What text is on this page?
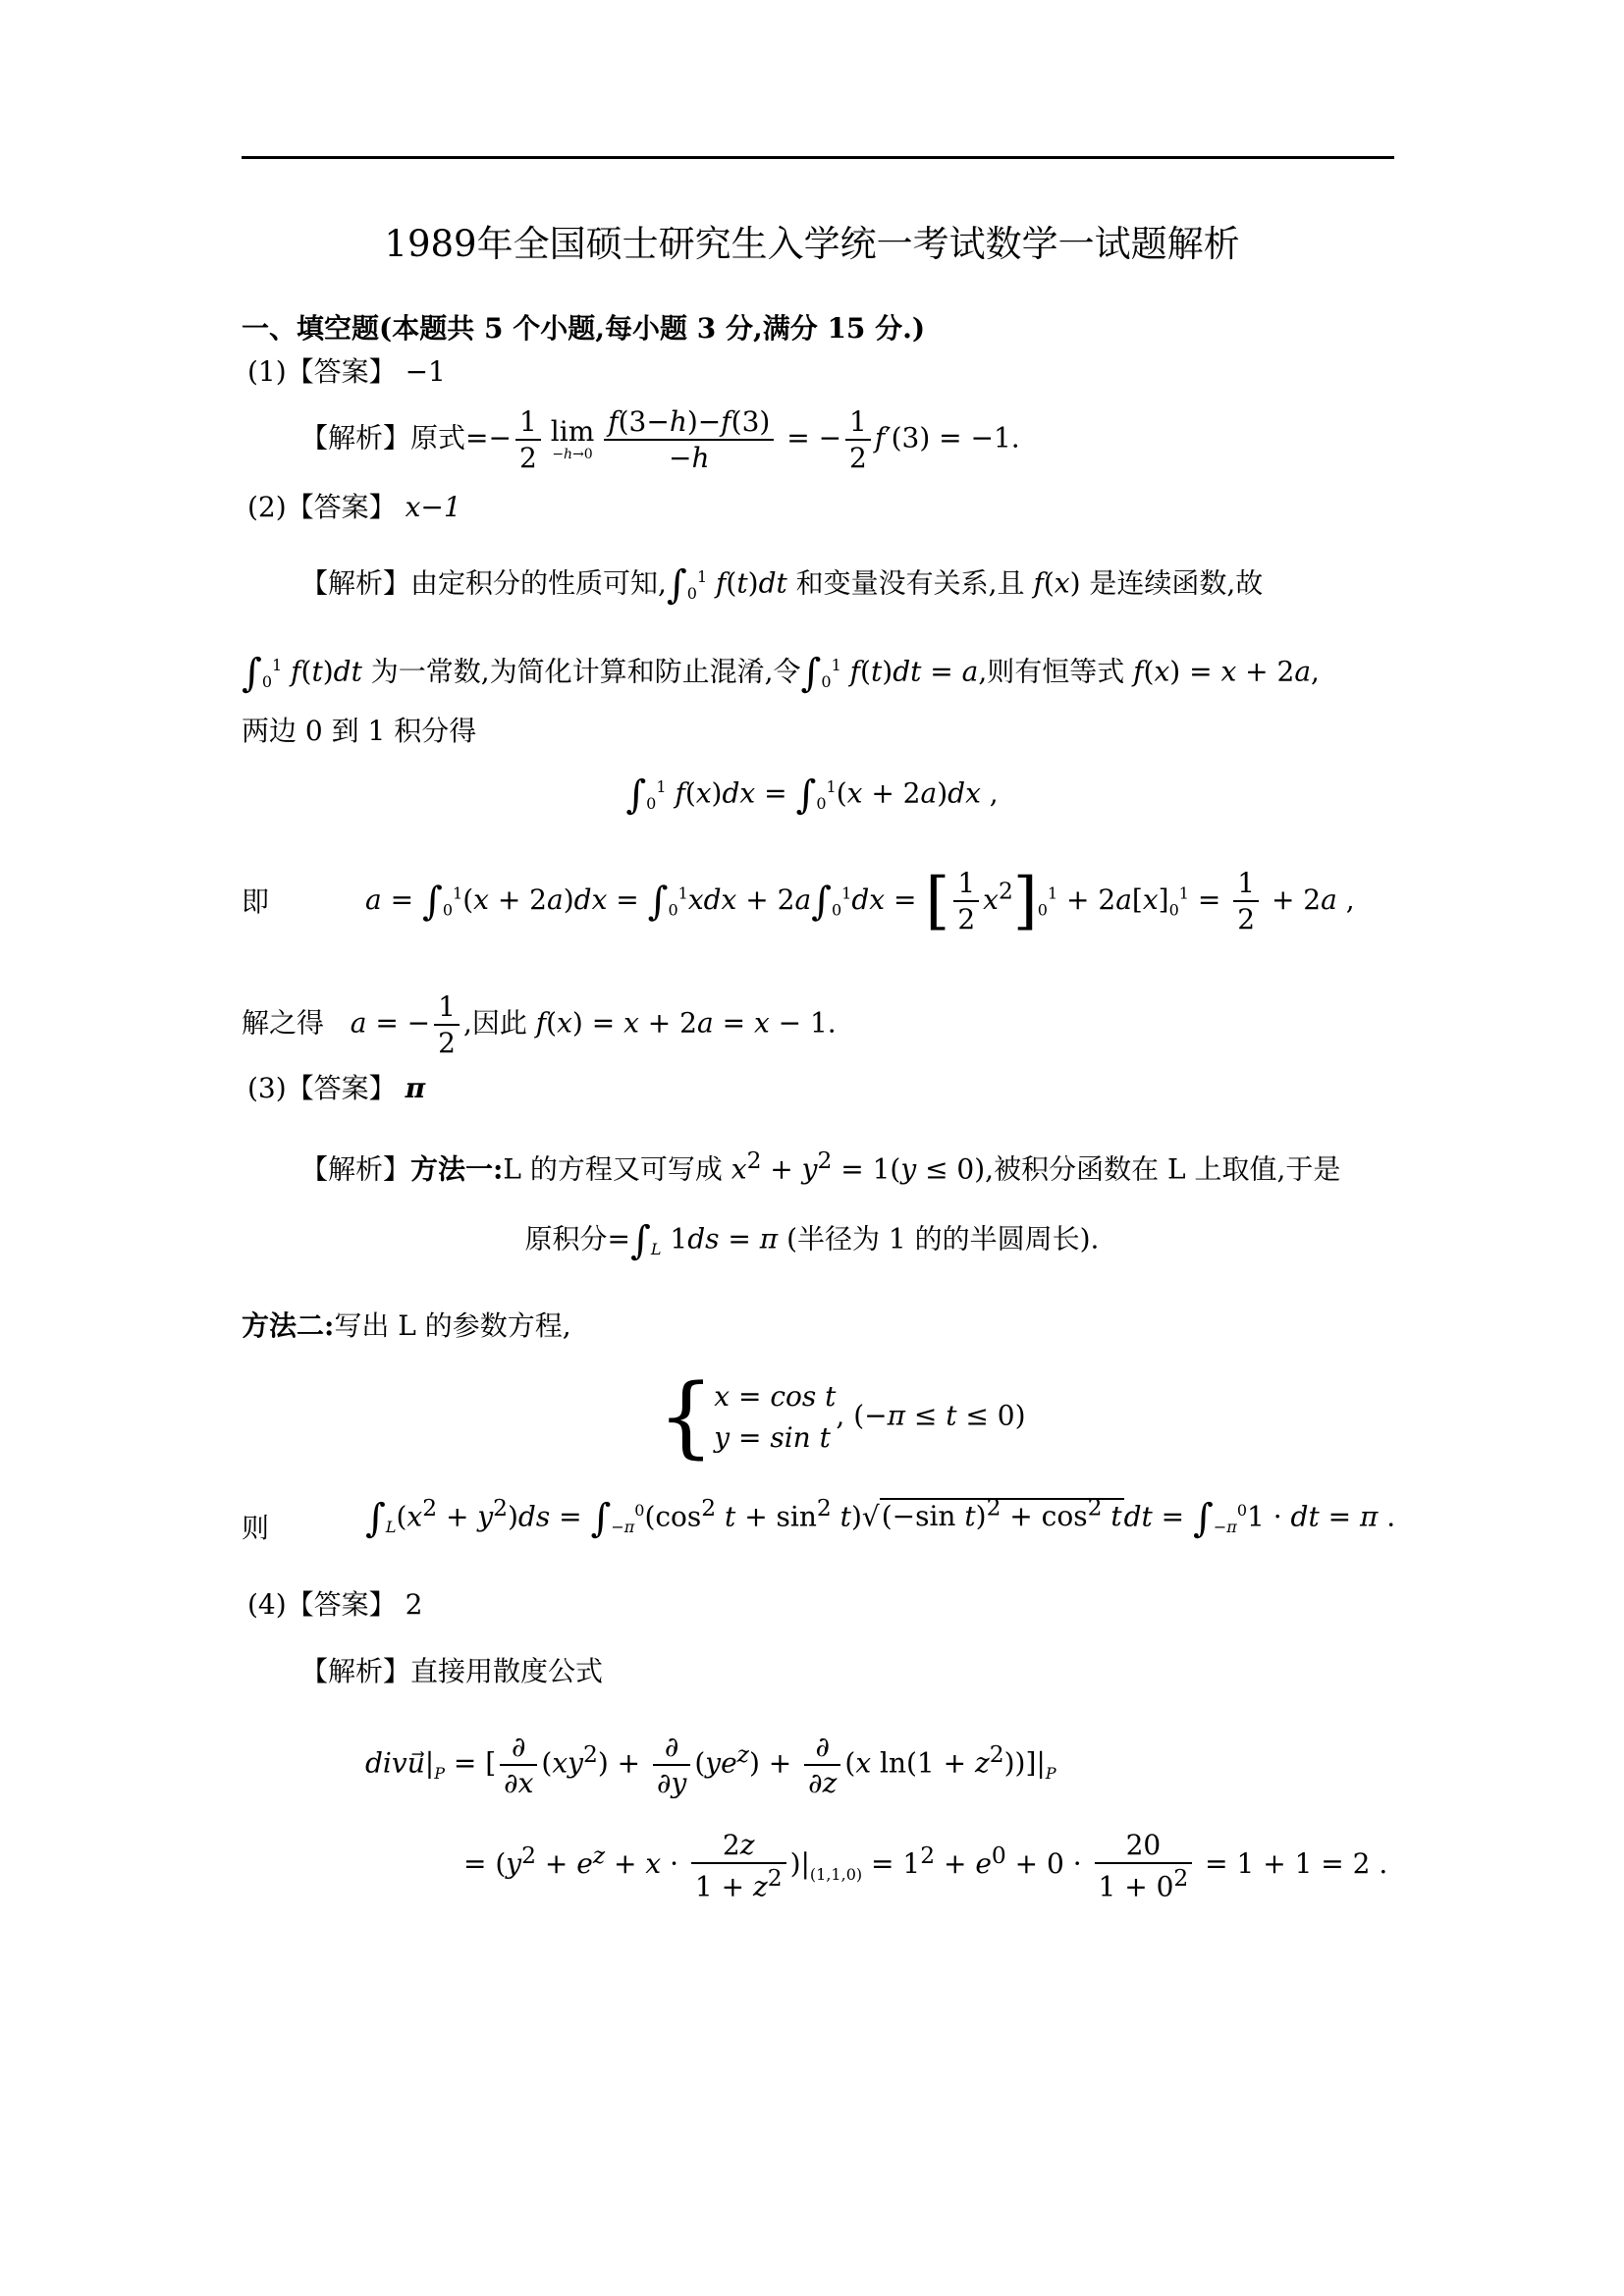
1989年全国硕士研究生入学统一考试数学一试题解析
一、填空题(本题共 5 个小题,每小题 3 分,满分 15 分.)
(1)【答案】 −1
【解析】原式=− $\frac{1}{2}$ lim
$-h\to 0 \frac{f(3-h)-f(3)}{-h}$ = − $\frac{1}{2} f'(3) = -1$.
(2)【答案】 x−1
【解析】由定积分的性质可知$,\int_0^1$ f(t)dt 和变量没有关系,且 f(x) 是连续函数,故
$\int_0^1$ f(t)dt 为一常数,为简化计算和防止混淆,令$\int_0^1$ f(t)dt = a,则有恒等式 f(x) = x + 2a,
两边 0 到 1 积分得
$\int_0^1$ $f(x)dx = \int_0^1(x + 2a)dx$ ,
即	$a = \int_0^1(x + 2a)dx = \int_0^1xdx + 2a\int_0^1dx$ = [ $\frac{1}{2} x^2]_0^1 + 2a[x]_0^1 = \frac{1}{2} + 2a$ ,
解之得 a = − $\frac{1}{2}$ ,因此 f(x) = x + 2a = x − 1.
(3)【答案】 π
【解析】方法一:L 的方程又可写成 $x^2 + y^2 = 1(y \le 0)$,被积分函数在 L 上取值,于是
原积分$=\int_L$ 1ds = π (半径为 1 的的半圆周长).
方法二:写出 L 的参数方程,
{x = cos t
y = sin t, (−π ≤ t ≤ 0)
则 $\int_L(x^2 + y^2)ds = \int_{-\pi}^0(\cos^2$ $t + \sin^2 t)√(-\sin$ $t)^2 + \cos^2$ tdt = $\int_{-\pi}^01$ · dt = π .
(4)【答案】 2
【解析】直接用散度公式
$divu⃗|_P$ = [ $\frac{\partial}{\partial x} (xy^2) + \frac{\partial}{\partial y} (ye^z) + \frac{\partial}{\partial z} (x$ $\ln(1 + z^2))]|_P$
= $(y^2 + e^z + x \cdot \frac{2z}{1 + z^2} )|_{(1,1,0)} = 1^2 + e^0 + 0 \cdot \frac{20}{1 + 0^2} = 1 + 1 = 2$ .
